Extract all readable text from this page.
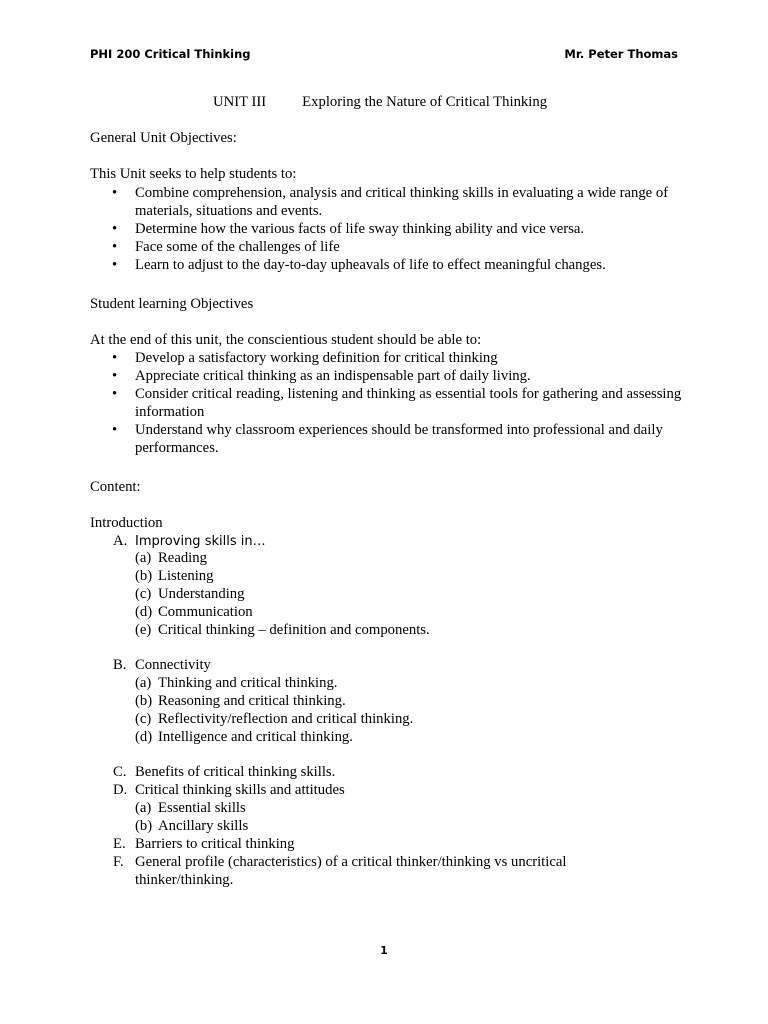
PHI 200 Critical Thinking	Mr. Peter Thomas
UNIT III Exploring the Nature of Critical Thinking
General Unit Objectives:
This Unit seeks to help students to:
• Combine comprehension, analysis and critical thinking skills in evaluating a wide range of materials, situations and events.
• Determine how the various facts of life sway thinking ability and vice versa.
• Face some of the challenges of life
• Learn to adjust to the day-to-day upheavals of life to effect meaningful changes.
Student learning Objectives
At the end of this unit, the conscientious student should be able to:
• Develop a satisfactory working definition for critical thinking
• Appreciate critical thinking as an indispensable part of daily living.
• Consider critical reading, listening and thinking as essential tools for gathering and assessing information
• Understand why classroom experiences should be transformed into professional and daily performances.
Content:
Introduction
A. Improving skills in…
(a) Reading
(b) Listening
(c) Understanding
(d) Communication
(e) Critical thinking – definition and components.
B. Connectivity
(a) Thinking and critical thinking.
(b) Reasoning and critical thinking.
(c) Reflectivity/reflection and critical thinking.
(d) Intelligence and critical thinking.
C. Benefits of critical thinking skills.
D. Critical thinking skills and attitudes
(a) Essential skills
(b) Ancillary skills
E. Barriers to critical thinking
F. General profile (characteristics) of a critical thinker/thinking vs uncritical thinker/thinking.
1
